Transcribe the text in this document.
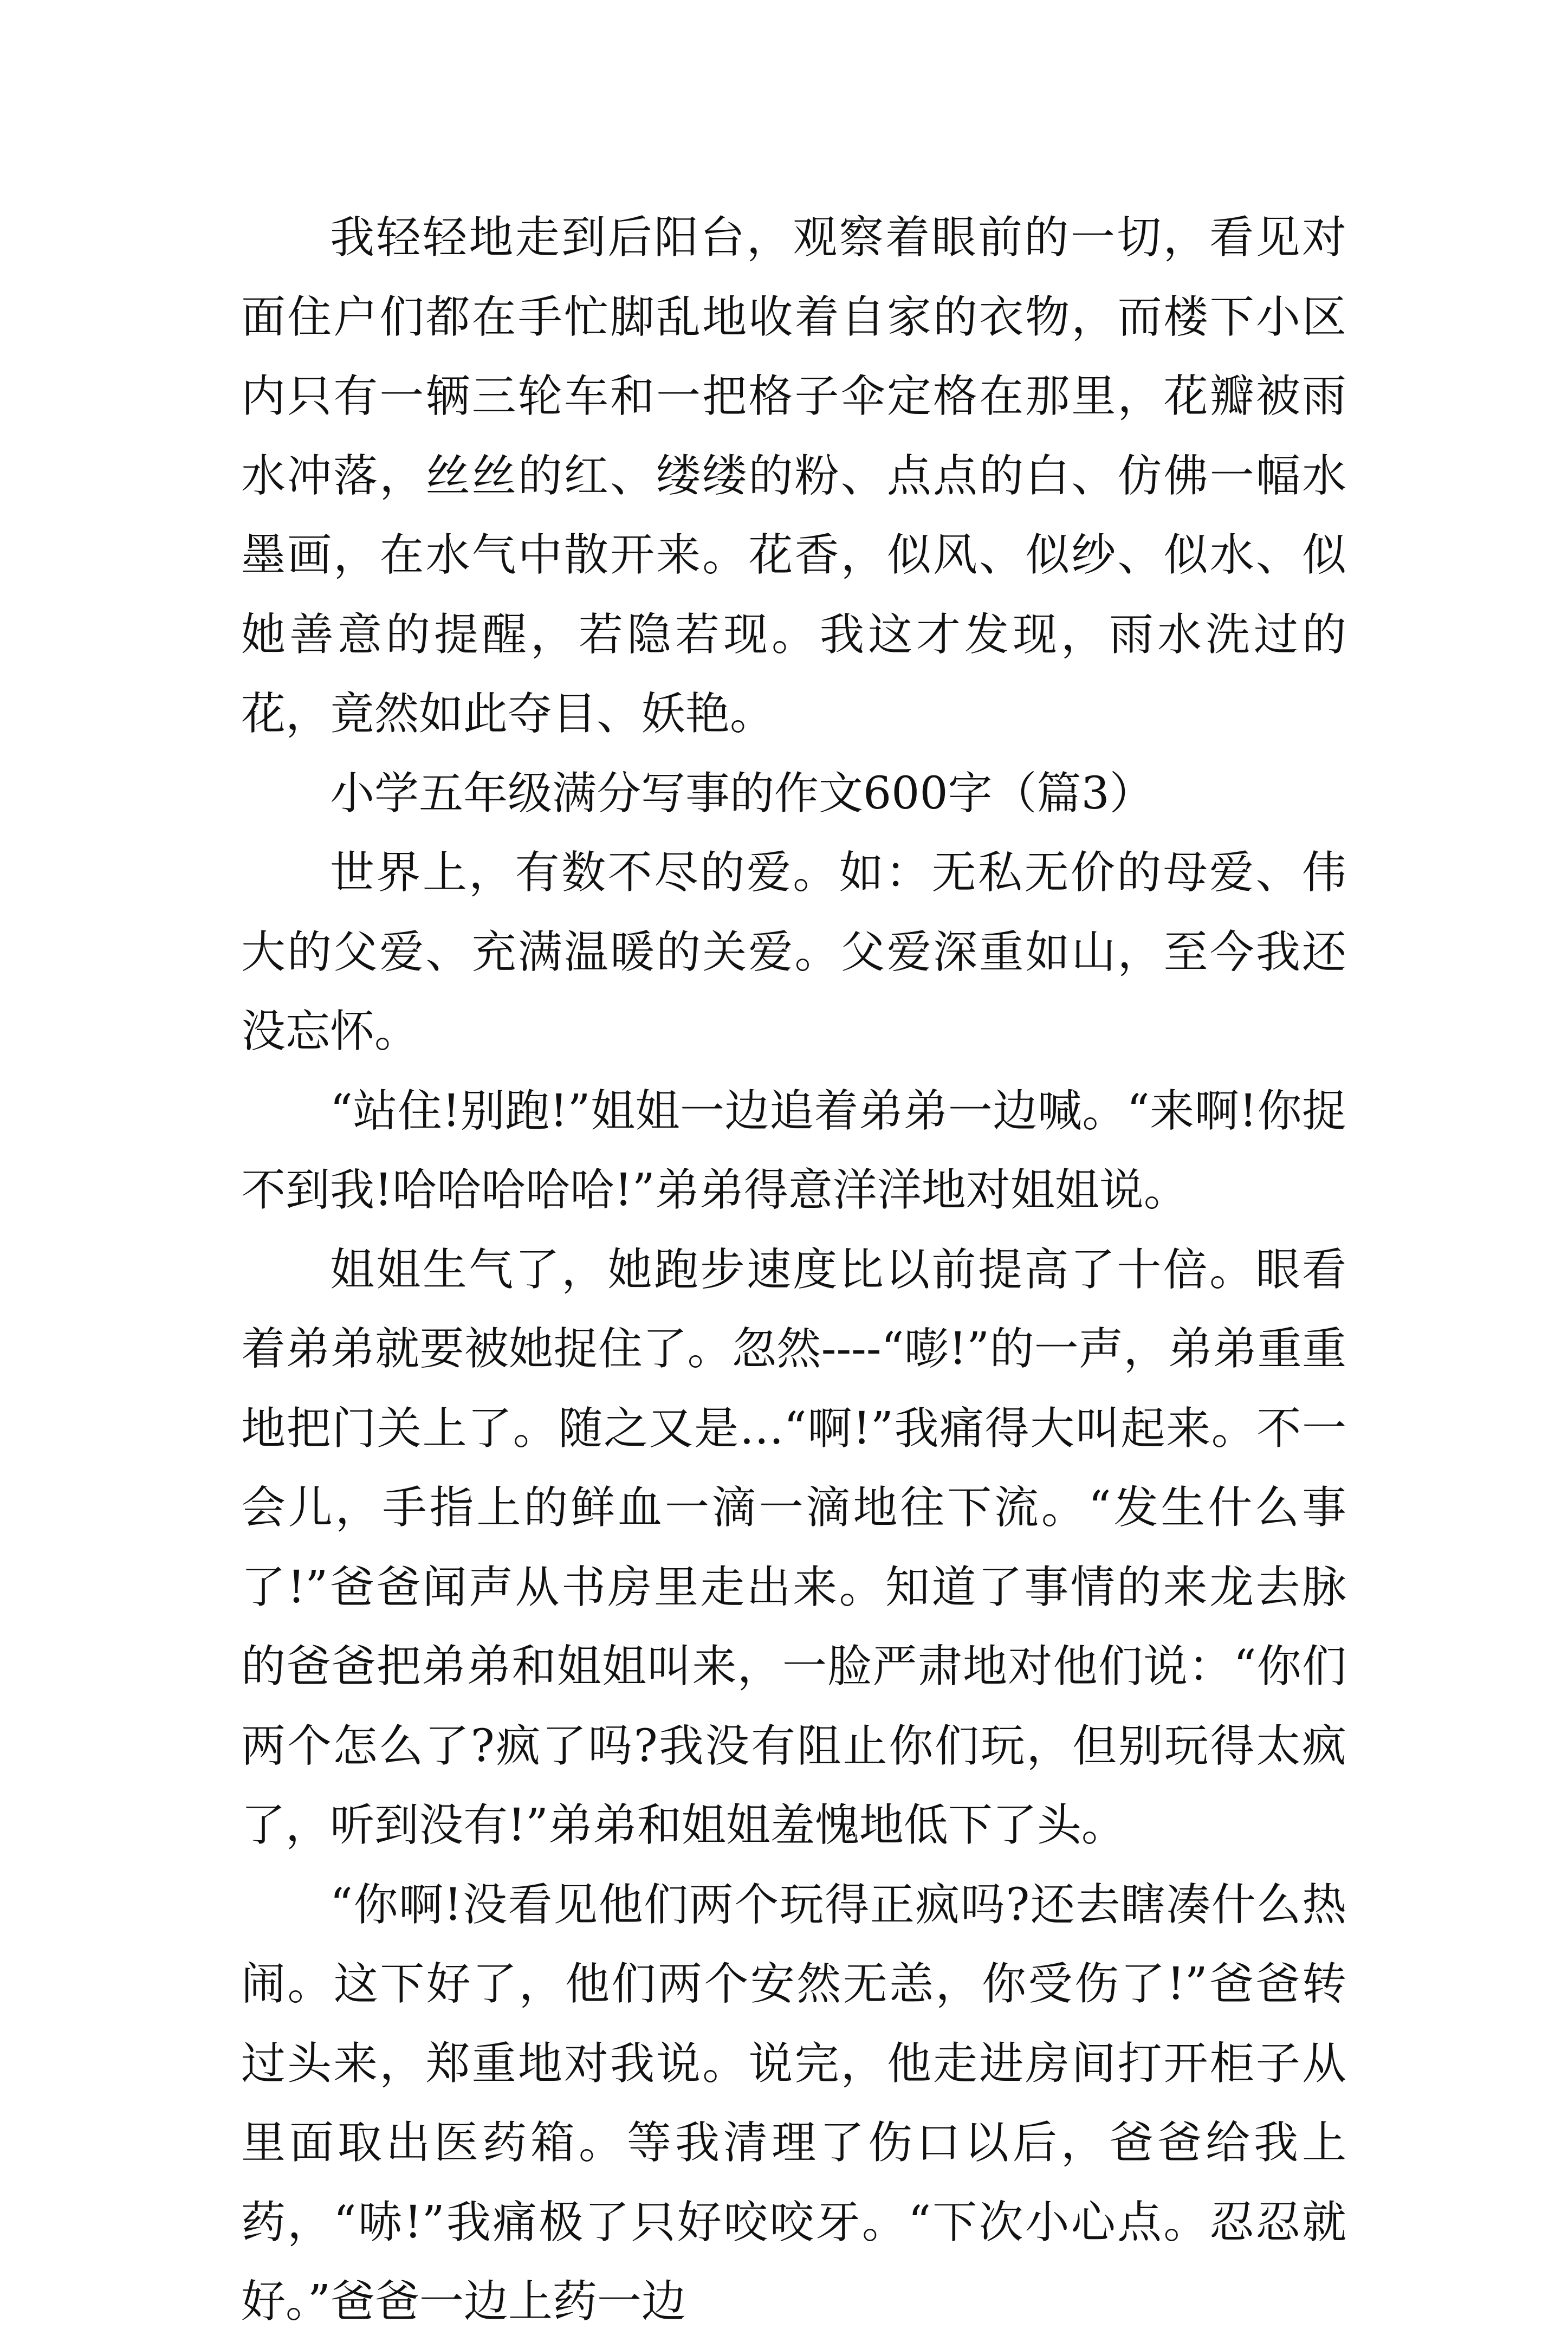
我轻轻地走到后阳台，观察着眼前的一切，看见对面住户们都在手忙脚乱地收着自家的衣物，而楼下小区内只有一辆三轮车和一把格子伞定格在那里，花瓣被雨水冲落，丝丝的红、缕缕的粉、点点的白、仿佛一幅水墨画，在水气中散开来。花香，似风、似纱、似水、似她善意的提醒，若隐若现。我这才发现，雨水洗过的花，竟然如此夺目、妖艳。

小学五年级满分写事的作文600字（篇3）

世界上，有数不尽的爱。如：无私无价的母爱、伟大的父爱、充满温暖的关爱。父爱深重如山，至今我还没忘怀。

“站住!别跑!”姐姐一边追着弟弟一边喊。“来啊!你捉不到我!哈哈哈哈哈!”弟弟得意洋洋地对姐姐说。

姐姐生气了，她跑步速度比以前提高了十倍。眼看着弟弟就要被她捉住了。忽然----“嘭!”的一声，弟弟重重地把门关上了。随之又是…“啊!”我痛得大叫起来。不一会儿，手指上的鲜血一滴一滴地往下流。“发生什么事了!”爸爸闻声从书房里走出来。知道了事情的来龙去脉的爸爸把弟弟和姐姐叫来，一脸严肃地对他们说：“你们两个怎么了?疯了吗?我没有阻止你们玩，但别玩得太疯了，听到没有!”弟弟和姐姐羞愧地低下了头。

“你啊!没看见他们两个玩得正疯吗?还去瞎凑什么热闹。这下好了，他们两个安然无恙，你受伤了!”爸爸转过头来，郑重地对我说。说完，他走进房间打开柜子从里面取出医药箱。等我清理了伤口以后，爸爸给我上药，“哧!”我痛极了只好咬咬牙。“下次小心点。忍忍就好。”爸爸一边上药一边
